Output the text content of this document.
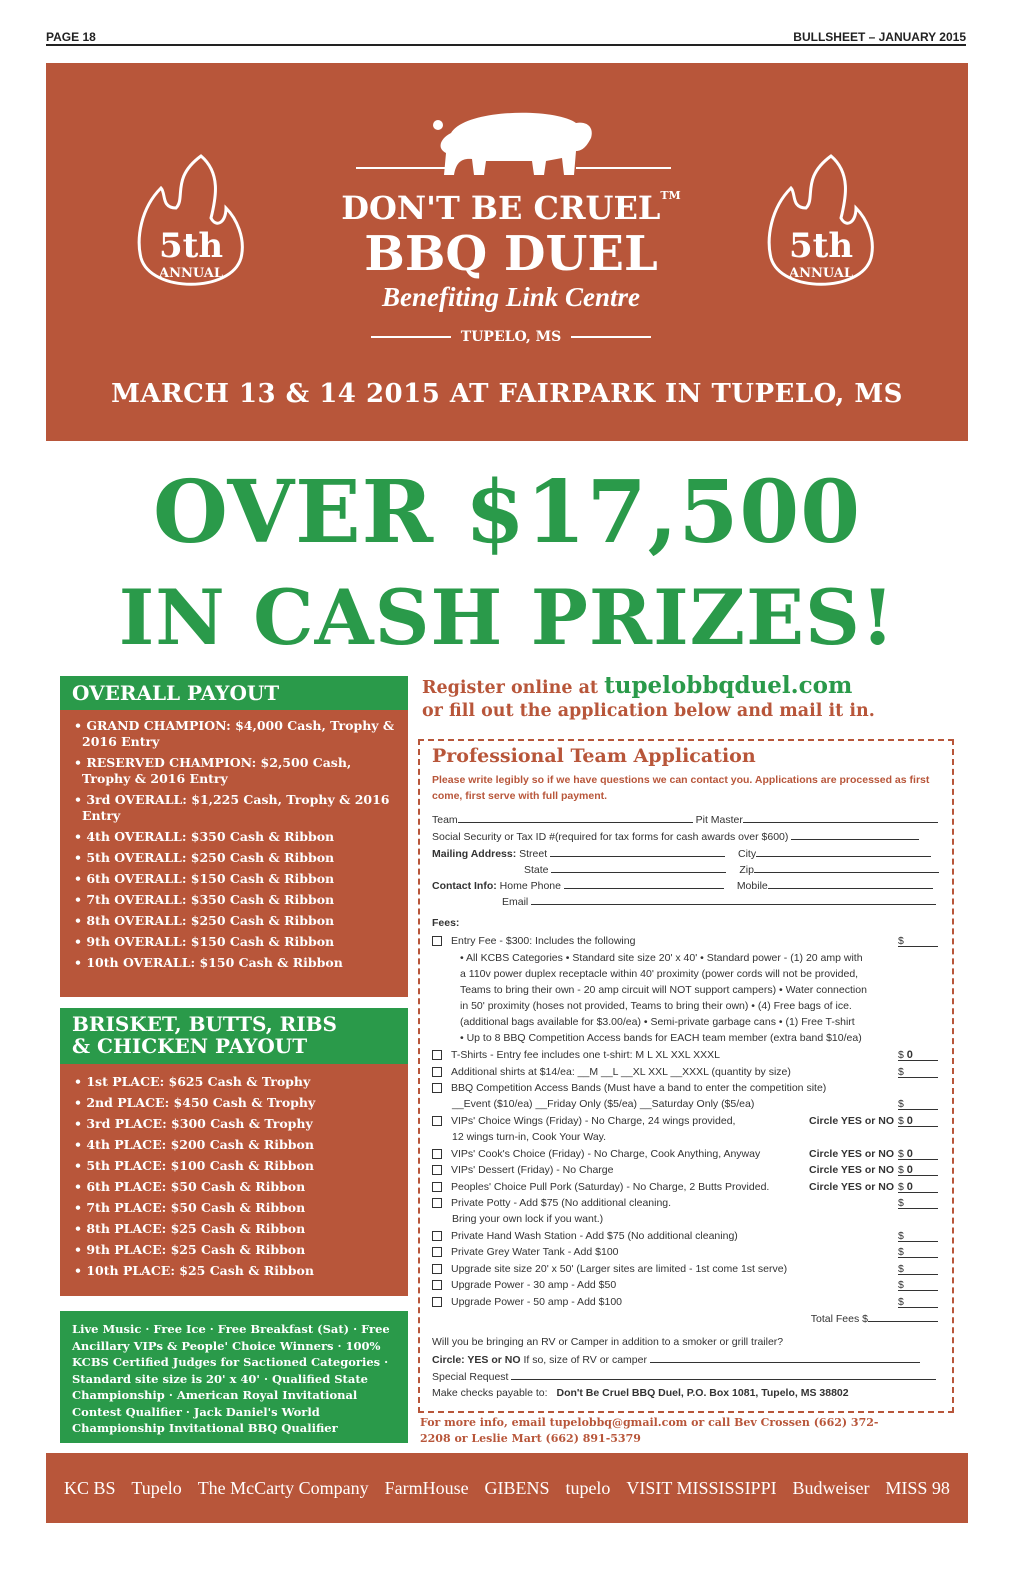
PAGE 18	BULLSHEET – JANUARY 2015
5th
ANNUAL
5th
ANNUAL
DON'T BE CRUEL™
BBQ DUEL
Benefiting Link Centre
TUPELO, MS
MARCH 13 & 14 2015 AT FAIRPARK IN TUPELO, MS
OVER $17,500
IN CASH PRIZES!
OVERALL PAYOUT
• GRAND CHAMPION: $4,000 Cash, Trophy & 2016 Entry
• RESERVED CHAMPION: $2,500 Cash, Trophy & 2016 Entry
• 3rd OVERALL: $1,225 Cash, Trophy & 2016 Entry
• 4th OVERALL: $350 Cash & Ribbon
• 5th OVERALL: $250 Cash & Ribbon
• 6th OVERALL: $150 Cash & Ribbon
• 7th OVERALL: $350 Cash & Ribbon
• 8th OVERALL: $250 Cash & Ribbon
• 9th OVERALL: $150 Cash & Ribbon
• 10th OVERALL: $150 Cash & Ribbon
BRISKET, BUTTS, RIBS
& CHICKEN PAYOUT
• 1st PLACE: $625 Cash & Trophy
• 2nd PLACE: $450 Cash & Trophy
• 3rd PLACE: $300 Cash & Trophy
• 4th PLACE: $200 Cash & Ribbon
• 5th PLACE: $100 Cash & Ribbon
• 6th PLACE: $50 Cash & Ribbon
• 7th PLACE: $50 Cash & Ribbon
• 8th PLACE: $25 Cash & Ribbon
• 9th PLACE: $25 Cash & Ribbon
• 10th PLACE: $25 Cash & Ribbon
Live Music · Free Ice · Free Breakfast (Sat) · Free Ancillary VIPs & People' Choice Winners · 100% KCBS Certified Judges for Sactioned Categories · Standard site size is 20' x 40' · Qualified State Championship · American Royal Invitational Contest Qualifier · Jack Daniel's World Championship Invitational BBQ Qualifier
Register online at tupelobbqduel.com
or fill out the application below and mail it in.
Professional Team Application
Please write legibly so if we have questions we can contact you. Applications are processed as first come, first serve with full payment.
Team	Pit Master
Social Security or Tax ID #(required for tax forms for cash awards over $600)
Mailing Address: Street	City
State	Zip
Contact Info: Home Phone	Mobile
Email
Fees:
Entry Fee - $300: Includes the following	$
• All KCBS Categories • Standard site size 20' x 40' • Standard power - (1) 20 amp with
a 110v power duplex receptacle within 40' proximity (power cords will not be provided,
Teams to bring their own - 20 amp circuit will NOT support campers) • Water connection
in 50' proximity (hoses not provided, Teams to bring their own) • (4) Free bags of ice.
(additional bags available for $3.00/ea) • Semi-private garbage cans • (1) Free T-shirt
• Up to 8 BBQ Competition Access bands for EACH team member (extra band $10/ea)
T-Shirts - Entry fee includes one t-shirt: M L XL XXL XXXL	$ 0
Additional shirts at $14/ea: __M __L __XL XXL __XXXL (quantity by size)	$
BBQ Competition Access Bands (Must have a band to enter the competition site)
__Event ($10/ea) __Friday Only ($5/ea) __Saturday Only ($5/ea)	$
VIPs' Choice Wings (Friday) - No Charge, 24 wings provided,	Circle YES or NO $ 0
12 wings turn-in, Cook Your Way.
VIPs' Cook's Choice (Friday) - No Charge, Cook Anything, Anyway	Circle YES or NO $ 0
VIPs' Dessert (Friday) - No Charge	Circle YES or NO $ 0
Peoples' Choice Pull Pork (Saturday) - No Charge, 2 Butts Provided.	Circle YES or NO $ 0
Private Potty - Add $75 (No additional cleaning.	$
Bring your own lock if you want.)
Private Hand Wash Station - Add $75 (No additional cleaning)	$
Private Grey Water Tank - Add $100	$
Upgrade site size 20' x 50' (Larger sites are limited - 1st come 1st serve)	$
Upgrade Power - 30 amp - Add $50	$
Upgrade Power - 50 amp - Add $100	$
Total Fees $
Will you be bringing an RV or Camper in addition to a smoker or grill trailer?
Circle: YES or NO If so, size of RV or camper
Special Request
Make checks payable to: Don't Be Cruel BBQ Duel, P.O. Box 1081, Tupelo, MS 38802
For more info, email tupelobbq@gmail.com or call Bev Crossen (662) 372-2208 or Leslie Mart (662) 891-5379
KC BS Tupelo The McCarty Company FarmHouse GIBENS tupelo VISIT MISSISSIPPI Budweiser MISS 98
